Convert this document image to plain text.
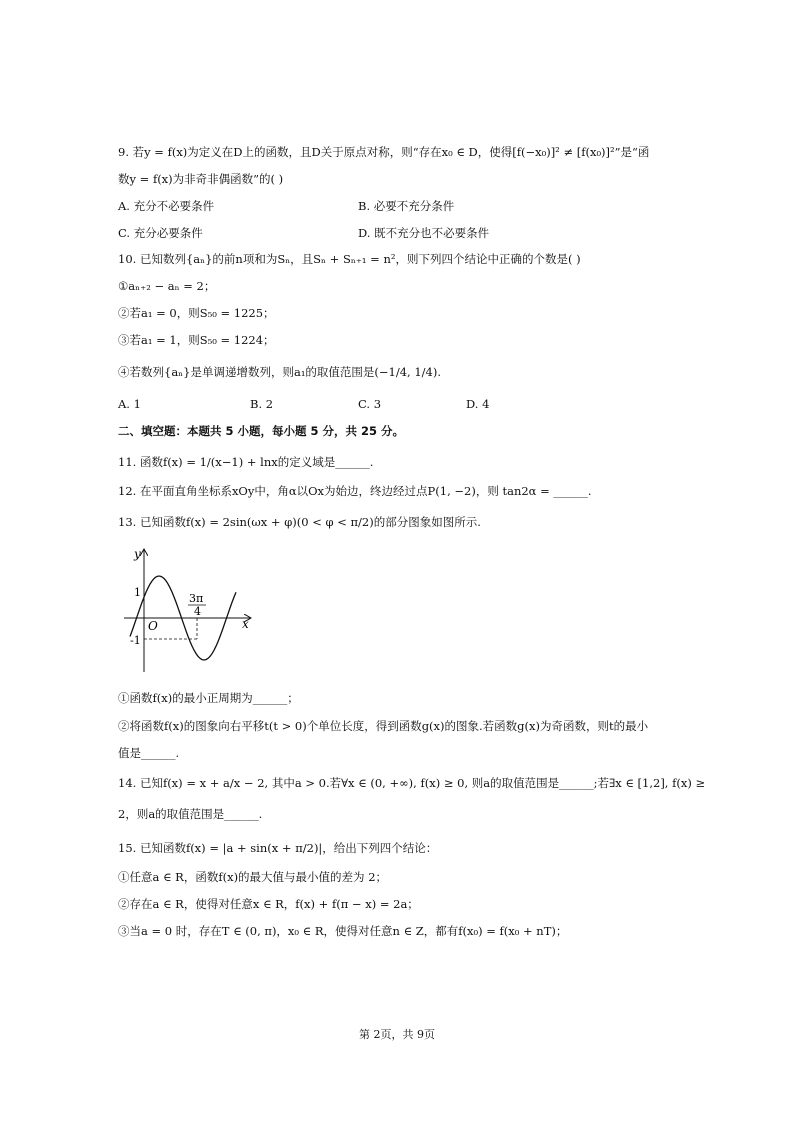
9. 若y = f(x)为定义在D上的函数，且D关于原点对称，则“存在x₀ ∈ D，使得[f(−x₀)]² ≠ [f(x₀)]²”是“函
数y = f(x)为非奇非偶函数”的( )
A. 充分不必要条件	B. 必要不充分条件
C. 充分必要条件	D. 既不充分也不必要条件
10. 已知数列{aₙ}的前n项和为Sₙ，且Sₙ + Sₙ₊₁ = n²，则下列四个结论中正确的个数是( )
①aₙ₊₂ − aₙ = 2；
②若a₁ = 0，则S₅₀ = 1225；
③若a₁ = 1，则S₅₀ = 1224；
④若数列{aₙ}是单调递增数列，则a₁的取值范围是(−1/4, 1/4).
A. 1	B. 2	C. 3	D. 4
二、填空题：本题共 5 小题，每小题 5 分，共 25 分。
11. 函数f(x) = 1/(x−1) + lnx的定义域是______.
12. 在平面直角坐标系xOy中，角α以Ox为始边，终边经过点P(1, −2)，则 tan2α = ______.
13. 已知函数f(x) = 2sin(ωx + φ)(0 < φ < π/2)的部分图象如图所示.
y
x
O
1
-1
3π
4
①函数f(x)的最小正周期为______；
②将函数f(x)的图象向右平移t(t > 0)个单位长度，得到函数g(x)的图象.若函数g(x)为奇函数，则t的最小
值是______.
14. 已知f(x) = x + a/x − 2, 其中a > 0.若∀x ∈ (0, +∞), f(x) ≥ 0, 则a的取值范围是______;若∃x ∈ [1,2], f(x) ≥
2，则a的取值范围是______.
15. 已知函数f(x) = |a + sin(x + π/2)|，给出下列四个结论：
①任意a ∈ R，函数f(x)的最大值与最小值的差为 2；
②存在a ∈ R，使得对任意x ∈ R，f(x) + f(π − x) = 2a；
③当a = 0 时，存在T ∈ (0, π)，x₀ ∈ R，使得对任意n ∈ Z，都有f(x₀) = f(x₀ + nT)；
第 2页，共 9页
